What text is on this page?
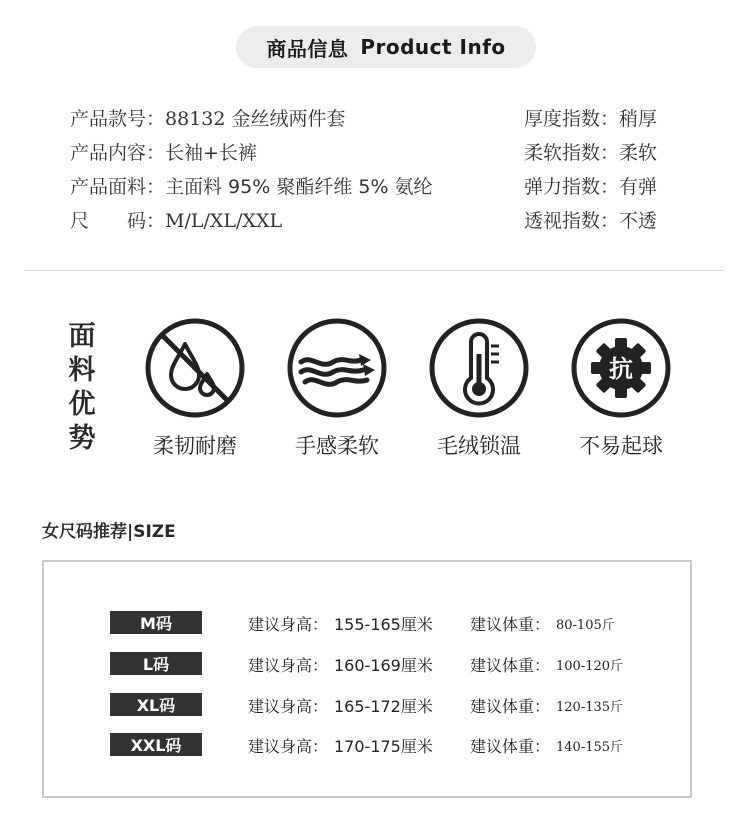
商品信息 Product Info
产品款号：88132 金丝绒两件套
产品内容：长袖+长裤
产品面料：主面料 95% 聚酯纤维 5% 氨纶
尺　　码：M/L/XL/XXL
厚度指数：稍厚
柔软指数：柔软
弹力指数：有弹
透视指数：不透
面
料
优
势	柔韧耐磨	手感柔软	毛绒锁温
抗
不易起球
女尺码推荐|SIZE
M码	建议身高： 155-165厘米 建议体重： 80-105斤
L码	建议身高： 160-169厘米 建议体重： 100-120斤
XL码	建议身高： 165-172厘米 建议体重： 120-135斤
XXL码	建议身高： 170-175厘米 建议体重： 140-155斤
